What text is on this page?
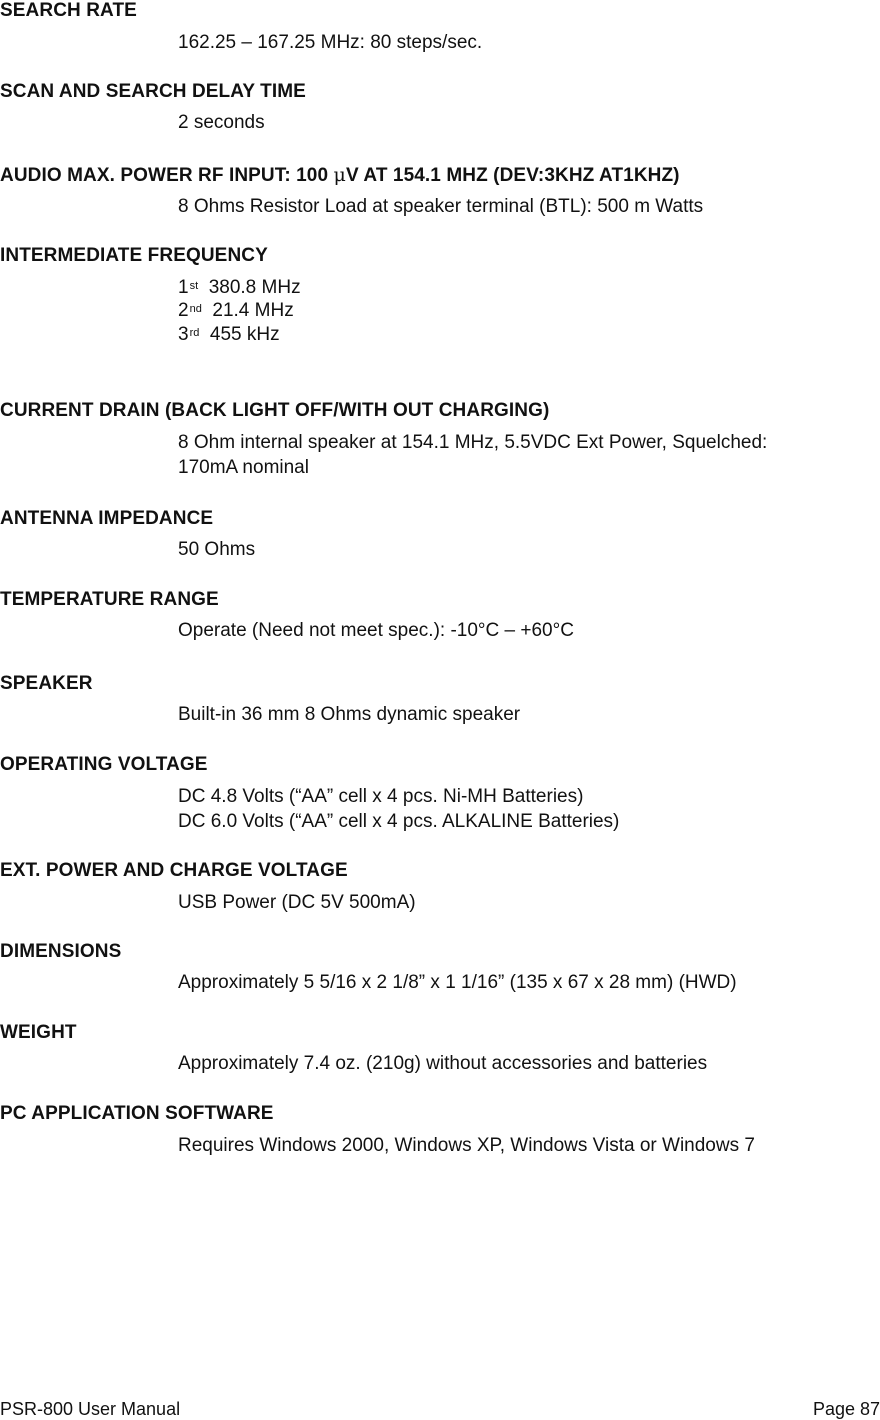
SEARCH RATE
162.25 – 167.25 MHz: 80 steps/sec.
SCAN AND SEARCH DELAY TIME
2 seconds
AUDIO MAX. POWER RF INPUT: 100 μV AT 154.1 MHZ (DEV:3KHZ AT1KHZ)
8 Ohms Resistor Load at speaker terminal (BTL): 500 m Watts
INTERMEDIATE FREQUENCY
1st 380.8 MHz
2nd 21.4 MHz
3rd 455 kHz
CURRENT DRAIN (BACK LIGHT OFF/WITH OUT CHARGING)
8 Ohm internal speaker at 154.1 MHz, 5.5VDC Ext Power, Squelched:
170mA nominal
ANTENNA IMPEDANCE
50 Ohms
TEMPERATURE RANGE
Operate (Need not meet spec.): -10°C – +60°C
SPEAKER
Built-in 36 mm 8 Ohms dynamic speaker
OPERATING VOLTAGE
DC 4.8 Volts (“AA” cell x 4 pcs. Ni-MH Batteries)
DC 6.0 Volts (“AA” cell x 4 pcs. ALKALINE Batteries)
EXT. POWER AND CHARGE VOLTAGE
USB Power (DC 5V 500mA)
DIMENSIONS
Approximately 5 5/16 x 2 1/8” x 1 1/16” (135 x 67 x 28 mm) (HWD)
WEIGHT
Approximately 7.4 oz. (210g) without accessories and batteries
PC APPLICATION SOFTWARE
Requires Windows 2000, Windows XP, Windows Vista or Windows 7
PSR-800 User Manual	Page 87
